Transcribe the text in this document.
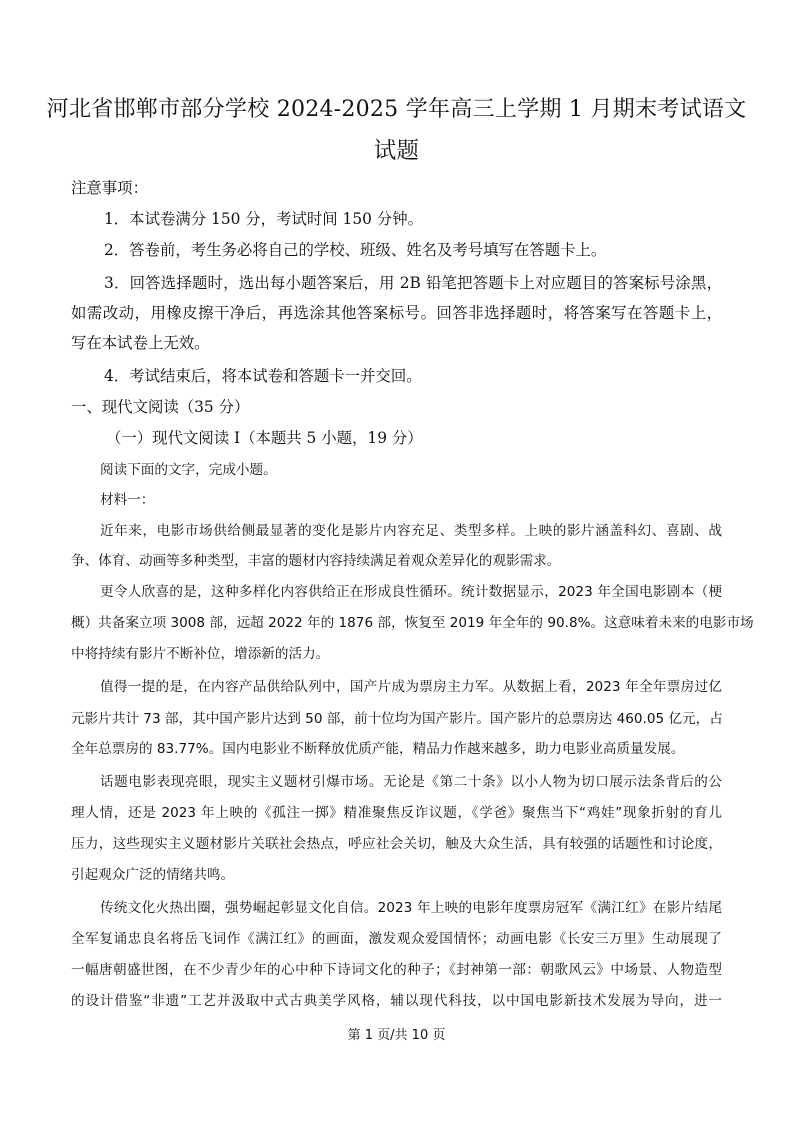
河北省邯郸市部分学校 2024-2025 学年高三上学期 1 月期末考试语文
试题
注意事项：
1．本试卷满分 150 分，考试时间 150 分钟。
2．答卷前，考生务必将自己的学校、班级、姓名及考号填写在答题卡上。
3．回答选择题时，选出每小题答案后，用 2B 铅笔把答题卡上对应题目的答案标号涂黑，
如需改动，用橡皮擦干净后，再选涂其他答案标号。回答非选择题时，将答案写在答题卡上，
写在本试卷上无效。
4．考试结束后，将本试卷和答题卡一并交回。
一、现代文阅读（35 分）
（一）现代文阅读 I（本题共 5 小题，19 分）
阅读下面的文字，完成小题。
材料一：
近年来，电影市场供给侧最显著的变化是影片内容充足、类型多样。上映的影片涵盖科幻、喜剧、战
争、体育、动画等多种类型，丰富的题材内容持续满足着观众差异化的观影需求。
更令人欣喜的是，这种多样化内容供给正在形成良性循环。统计数据显示，2023 年全国电影剧本（梗
概）共备案立项 3008 部，远超 2022 年的 1876 部，恢复至 2019 年全年的 90.8%。这意味着未来的电影市场
中将持续有影片不断补位，增添新的活力。
值得一提的是，在内容产品供给队列中，国产片成为票房主力军。从数据上看，2023 年全年票房过亿
元影片共计 73 部，其中国产影片达到 50 部，前十位均为国产影片。国产影片的总票房达 460.05 亿元，占
全年总票房的 83.77%。国内电影业不断释放优质产能，精品力作越来越多，助力电影业高质量发展。
话题电影表现亮眼，现实主义题材引爆市场。无论是《第二十条》以小人物为切口展示法条背后的公
理人情，还是 2023 年上映的《孤注一掷》精准聚焦反诈议题，《学爸》聚焦当下“鸡娃”现象折射的育儿
压力，这些现实主义题材影片关联社会热点，呼应社会关切，触及大众生活，具有较强的话题性和讨论度，
引起观众广泛的情绪共鸣。
传统文化火热出圈，强势崛起彰显文化自信。2023 年上映的电影年度票房冠军《满江红》在影片结尾
全军复诵忠良名将岳飞词作《满江红》的画面，激发观众爱国情怀；动画电影《长安三万里》生动展现了
一幅唐朝盛世图，在不少青少年的心中种下诗词文化的种子；《封神第一部：朝歌风云》中场景、人物造型
的设计借鉴“非遗”工艺并汲取中式古典美学风格，辅以现代科技，以中国电影新技术发展为导向，进一
第 1 页/共 10 页
